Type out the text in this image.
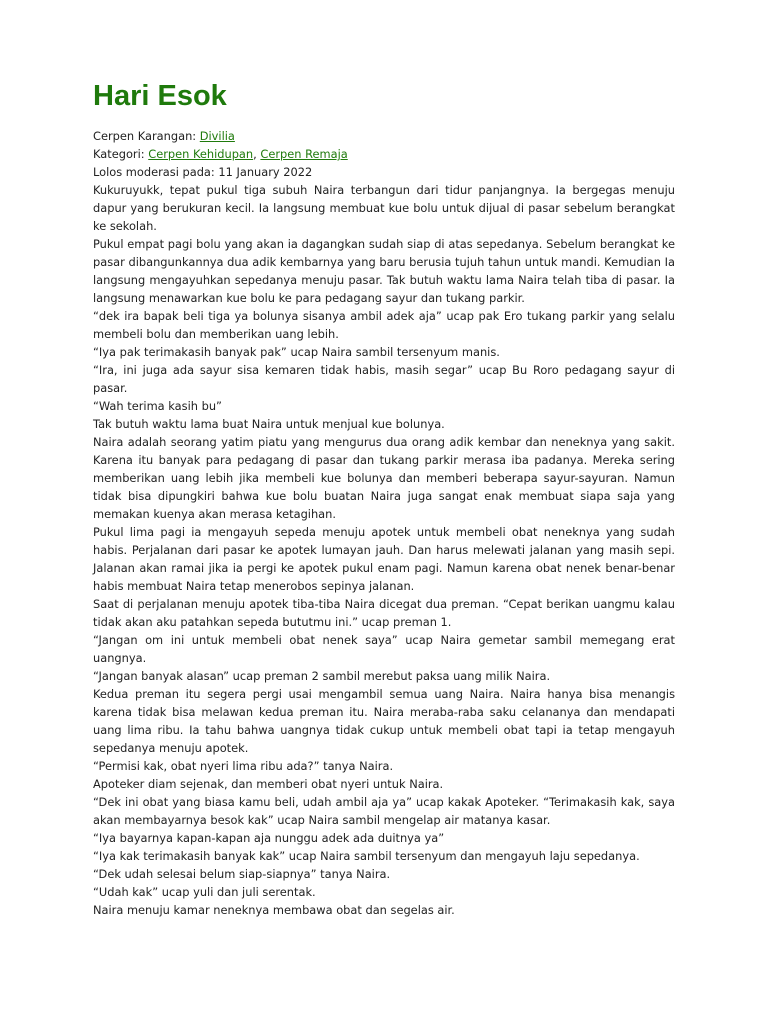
Hari Esok

Cerpen Karangan: Divilia

Kategori: Cerpen Kehidupan, Cerpen Remaja

Lolos moderasi pada: 11 January 2022

Kukuruyukk, tepat pukul tiga subuh Naira terbangun dari tidur panjangnya. Ia bergegas menuju dapur yang berukuran kecil. Ia langsung membuat kue bolu untuk dijual di pasar sebelum berangkat ke sekolah.

Pukul empat pagi bolu yang akan ia dagangkan sudah siap di atas sepedanya. Sebelum berangkat ke pasar dibangunkannya dua adik kembarnya yang baru berusia tujuh tahun untuk mandi. Kemudian Ia langsung mengayuhkan sepedanya menuju pasar. Tak butuh waktu lama Naira telah tiba di pasar. Ia langsung menawarkan kue bolu ke para pedagang sayur dan tukang parkir.

“dek ira bapak beli tiga ya bolunya sisanya ambil adek aja” ucap pak Ero tukang parkir yang selalu membeli bolu dan memberikan uang lebih.

“Iya pak terimakasih banyak pak” ucap Naira sambil tersenyum manis.

“Ira, ini juga ada sayur sisa kemaren tidak habis, masih segar” ucap Bu Roro pedagang sayur di pasar.

“Wah terima kasih bu”

Tak butuh waktu lama buat Naira untuk menjual kue bolunya.

Naira adalah seorang yatim piatu yang mengurus dua orang adik kembar dan neneknya yang sakit. Karena itu banyak para pedagang di pasar dan tukang parkir merasa iba padanya. Mereka sering memberikan uang lebih jika membeli kue bolunya dan memberi beberapa sayur-sayuran. Namun tidak bisa dipungkiri bahwa kue bolu buatan Naira juga sangat enak membuat siapa saja yang memakan kuenya akan merasa ketagihan.

Pukul lima pagi ia mengayuh sepeda menuju apotek untuk membeli obat neneknya yang sudah habis. Perjalanan dari pasar ke apotek lumayan jauh. Dan harus melewati jalanan yang masih sepi. Jalanan akan ramai jika ia pergi ke apotek pukul enam pagi. Namun karena obat nenek benar-benar habis membuat Naira tetap menerobos sepinya jalanan.

Saat di perjalanan menuju apotek tiba-tiba Naira dicegat dua preman. “Cepat berikan uangmu kalau tidak akan aku patahkan sepeda bututmu ini.” ucap preman 1.

“Jangan om ini untuk membeli obat nenek saya” ucap Naira gemetar sambil memegang erat uangnya.

“Jangan banyak alasan” ucap preman 2 sambil merebut paksa uang milik Naira.

Kedua preman itu segera pergi usai mengambil semua uang Naira. Naira hanya bisa menangis karena tidak bisa melawan kedua preman itu. Naira meraba-raba saku celananya dan mendapati uang lima ribu. Ia tahu bahwa uangnya tidak cukup untuk membeli obat tapi ia tetap mengayuh sepedanya menuju apotek.

“Permisi kak, obat nyeri lima ribu ada?” tanya Naira.

Apoteker diam sejenak, dan memberi obat nyeri untuk Naira.

“Dek ini obat yang biasa kamu beli, udah ambil aja ya” ucap kakak Apoteker. “Terimakasih kak, saya akan membayarnya besok kak” ucap Naira sambil mengelap air matanya kasar.

“Iya bayarnya kapan-kapan aja nunggu adek ada duitnya ya”

“Iya kak terimakasih banyak kak” ucap Naira sambil tersenyum dan mengayuh laju sepedanya.

“Dek udah selesai belum siap-siapnya” tanya Naira.

“Udah kak” ucap yuli dan juli serentak.

Naira menuju kamar neneknya membawa obat dan segelas air.
